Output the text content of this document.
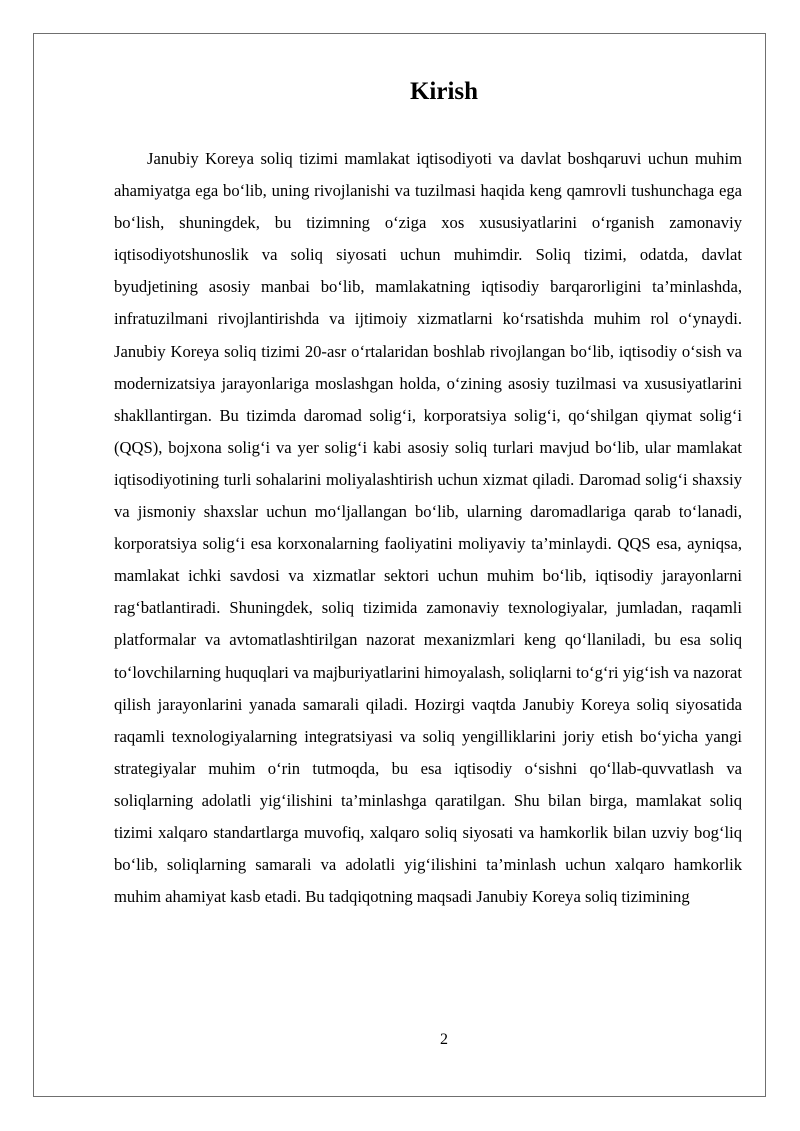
Kirish

Janubiy Koreya soliq tizimi mamlakat iqtisodiyoti va davlat boshqaruvi uchun muhim ahamiyatga ega bo‘lib, uning rivojlanishi va tuzilmasi haqida keng qamrovli tushunchaga ega bo‘lish, shuningdek, bu tizimning o‘ziga xos xususiyatlarini o‘rganish zamonaviy iqtisodiyotshunoslik va soliq siyosati uchun muhimdir. Soliq tizimi, odatda, davlat byudjetining asosiy manbai bo‘lib, mamlakatning iqtisodiy barqarorligini ta’minlashda, infratuzilmani rivojlantirishda va ijtimoiy xizmatlarni ko‘rsatishda muhim rol o‘ynaydi. Janubiy Koreya soliq tizimi 20-asr o‘rtalaridan boshlab rivojlangan bo‘lib, iqtisodiy o‘sish va modernizatsiya jarayonlariga moslashgan holda, o‘zining asosiy tuzilmasi va xususiyatlarini shakllantirgan. Bu tizimda daromad solig‘i, korporatsiya solig‘i, qo‘shilgan qiymat solig‘i (QQS), bojxona solig‘i va yer solig‘i kabi asosiy soliq turlari mavjud bo‘lib, ular mamlakat iqtisodiyotining turli sohalarini moliyalashtirish uchun xizmat qiladi. Daromad solig‘i shaxsiy va jismoniy shaxslar uchun mo‘ljallangan bo‘lib, ularning daromadlariga qarab to‘lanadi, korporatsiya solig‘i esa korxonalarning faoliyatini moliyaviy ta’minlaydi. QQS esa, ayniqsa, mamlakat ichki savdosi va xizmatlar sektori uchun muhim bo‘lib, iqtisodiy jarayonlarni rag‘batlantiradi. Shuningdek, soliq tizimida zamonaviy texnologiyalar, jumladan, raqamli platformalar va avtomatlashtirilgan nazorat mexanizmlari keng qo‘llaniladi, bu esa soliq to‘lovchilarning huquqlari va majburiyatlarini himoyalash, soliqlarni to‘g‘ri yig‘ish va nazorat qilish jarayonlarini yanada samarali qiladi. Hozirgi vaqtda Janubiy Koreya soliq siyosatida raqamli texnologiyalarning integratsiyasi va soliq yengilliklarini joriy etish bo‘yicha yangi strategiyalar muhim o‘rin tutmoqda, bu esa iqtisodiy o‘sishni qo‘llab-quvvatlash va soliqlarning adolatli yig‘ilishini ta’minlashga qaratilgan. Shu bilan birga, mamlakat soliq tizimi xalqaro standartlarga muvofiq, xalqaro soliq siyosati va hamkorlik bilan uzviy bog‘liq bo‘lib, soliqlarning samarali va adolatli yig‘ilishini ta’minlash uchun xalqaro hamkorlik muhim ahamiyat kasb etadi. Bu tadqiqotning maqsadi Janubiy Koreya soliq tizimining

2
